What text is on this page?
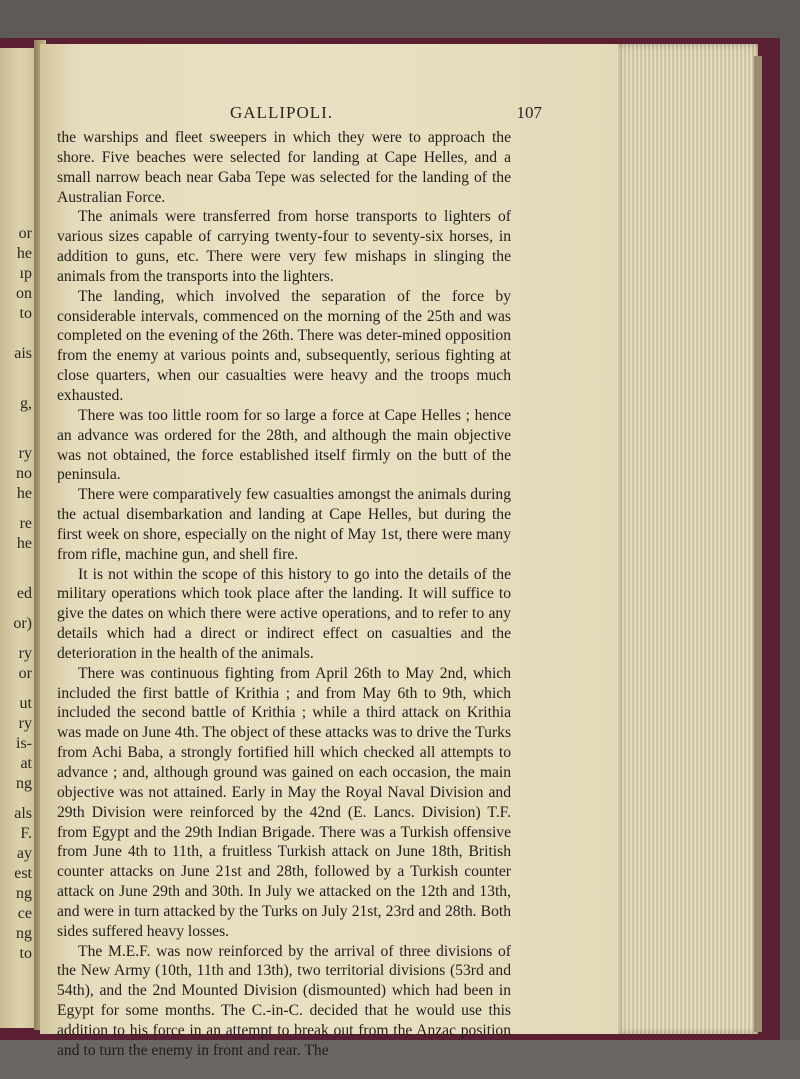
or
he
ıp
on
to
ais
g,
ry
no
he
re
he
ed
or)
ry
or
ut
ry
is-
at
ng
als
F.
ay
est
ng
ce
ng
to
GALLIPOLI.	107

the warships and fleet sweepers in which they were to approach the shore. Five beaches were selected for landing at Cape Helles, and a small narrow beach near Gaba Tepe was selected for the landing of the Australian Force.

The animals were transferred from horse transports to lighters of various sizes capable of carrying twenty-four to seventy-six horses, in addition to guns, etc. There were very few mishaps in slinging the animals from the transports into the lighters.

The landing, which involved the separation of the force by considerable intervals, commenced on the morning of the 25th and was completed on the evening of the 26th. There was deter-mined opposition from the enemy at various points and, subsequently, serious fighting at close quarters, when our casualties were heavy and the troops much exhausted.

There was too little room for so large a force at Cape Helles ; hence an advance was ordered for the 28th, and although the main objective was not obtained, the force established itself firmly on the butt of the peninsula.

There were comparatively few casualties amongst the animals during the actual disembarkation and landing at Cape Helles, but during the first week on shore, especially on the night of May 1st, there were many from rifle, machine gun, and shell fire.

It is not within the scope of this history to go into the details of the military operations which took place after the landing. It will suffice to give the dates on which there were active operations, and to refer to any details which had a direct or indirect effect on casualties and the deterioration in the health of the animals.

There was continuous fighting from April 26th to May 2nd, which included the first battle of Krithia ; and from May 6th to 9th, which included the second battle of Krithia ; while a third attack on Krithia was made on June 4th. The object of these attacks was to drive the Turks from Achi Baba, a strongly fortified hill which checked all attempts to advance ; and, although ground was gained on each occasion, the main objective was not attained. Early in May the Royal Naval Division and 29th Division were reinforced by the 42nd (E. Lancs. Division) T.F. from Egypt and the 29th Indian Brigade. There was a Turkish offensive from June 4th to 11th, a fruitless Turkish attack on June 18th, British counter attacks on June 21st and 28th, followed by a Turkish counter attack on June 29th and 30th. In July we attacked on the 12th and 13th, and were in turn attacked by the Turks on July 21st, 23rd and 28th. Both sides suffered heavy losses.

The M.E.F. was now reinforced by the arrival of three divisions of the New Army (10th, 11th and 13th), two territorial divisions (53rd and 54th), and the 2nd Mounted Division (dismounted) which had been in Egypt for some months. The C.-in-C. decided that he would use this addition to his force in an attempt to break out from the Anzac position and to turn the enemy in front and rear. The
